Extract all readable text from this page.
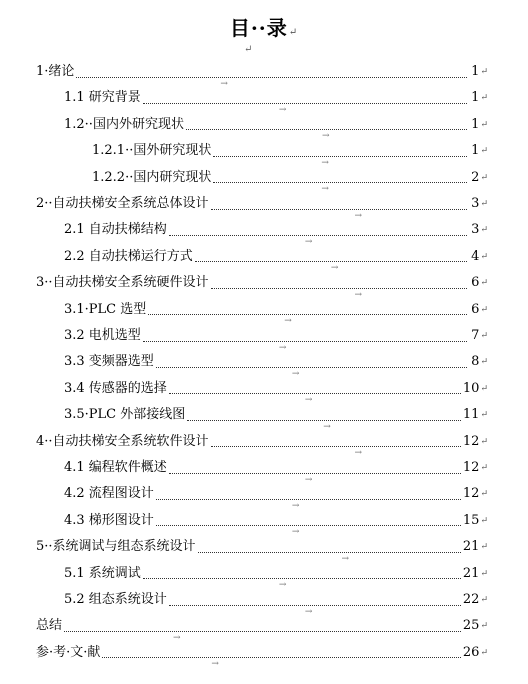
目··录↵
↵
1·绪论
→
1 ↵
1.1 研究背景
→
1 ↵
1.2··国内外研究现状
→
1 ↵
1.2.1··国外研究现状
→
1 ↵
1.2.2··国内研究现状
→
2 ↵
2··自动扶梯安全系统总体设计
→
3 ↵
2.1 自动扶梯结构
→
3 ↵
2.2 自动扶梯运行方式
→
4 ↵
3··自动扶梯安全系统硬件设计
→
6 ↵
3.1·PLC 选型
→
6 ↵
3.2 电机选型
→
7 ↵
3.3 变频器选型
→
8 ↵
3.4 传感器的选择
→
10 ↵
3.5·PLC 外部接线图
→
11 ↵
4··自动扶梯安全系统软件设计
→
12 ↵
4.1 编程软件概述
→
12 ↵
4.2 流程图设计
→
12 ↵
4.3 梯形图设计
→
15 ↵
5··系统调试与组态系统设计
→
21 ↵
5.1 系统调试
→
21 ↵
5.2 组态系统设计
→
22 ↵
总结
→
25 ↵
参·考·文·献
→
26 ↵
